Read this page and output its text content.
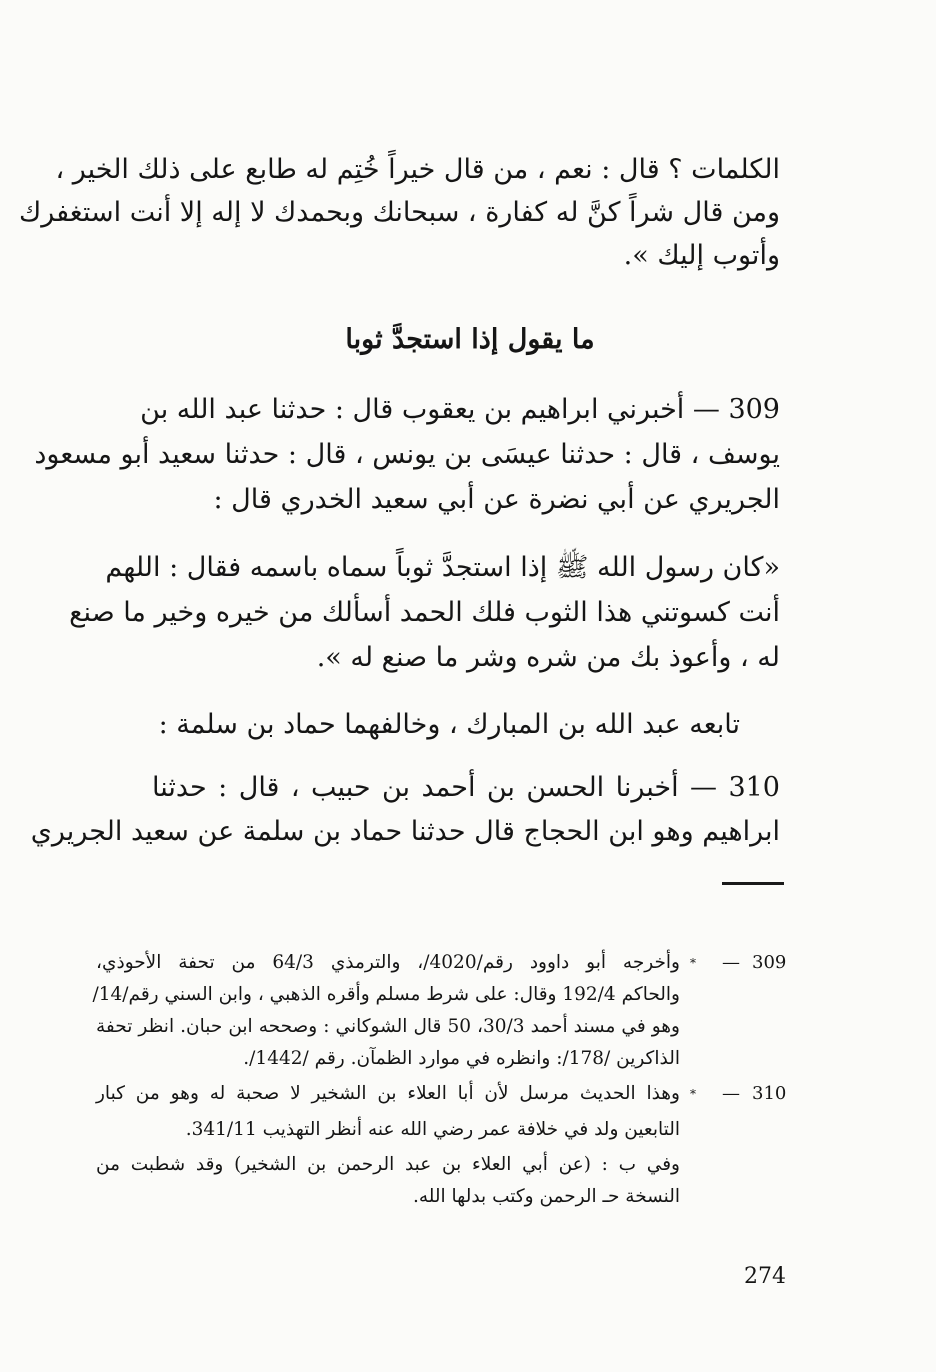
الكلمات ؟ قال : نعم ، من قال خيراً خُتِم له طابع على ذلك الخير ،
ومن قال شراً كنَّ له كفارة ، سبحانك وبحمدك لا إله إلا أنت استغفرك
وأتوب إليك ».
ما يقول إذا استجدَّ ثوبا
309 — أخبرني ابراهيم بن يعقوب قال : حدثنا عبد الله بن
يوسف ، قال : حدثنا عيسَى بن يونس ، قال : حدثنا سعيد أبو مسعود
الجريري عن أبي نضرة عن أبي سعيد الخدري قال :
«كان رسول الله ﷺ إذا استجدَّ ثوباً سماه باسمه فقال : اللهم
أنت كسوتني هذا الثوب فلك الحمد أسألك من خيره وخير ما صنع
له ، وأعوذ بك من شره وشر ما صنع له ».
تابعه عبد الله بن المبارك ، وخالفهما حماد بن سلمة :
310 — أخبرنا الحسن بن أحمد بن حبيب ، قال : حدثنا
ابراهيم وهو ابن الحجاج قال حدثنا حماد بن سلمة عن سعيد الجريري
309
—
*
وأخرجه أبو داوود رقم/4020/، والترمذي 64/3 من تحفة الأحوذي،
والحاكم 192/4 وقال: على شرط مسلم وأقره الذهبي ، وابن السني رقم/14/
وهو في مسند أحمد 30/3، 50 قال الشوكاني : وصححه ابن حبان. انظر تحفة
الذاكرين /178/: وانظره في موارد الظمآن. رقم /1442/.
310
—
*
وهذا الحديث مرسل لأن أبا العلاء بن الشخير لا صحبة له وهو من كبار
التابعين ولد في خلافة عمر رضي الله عنه أنظر التهذيب 341/11.
وفي ب : (عن أبي العلاء بن عبد الرحمن بن الشخير) وقد شطبت من
النسخة حـ الرحمن وكتب بدلها الله.
274
